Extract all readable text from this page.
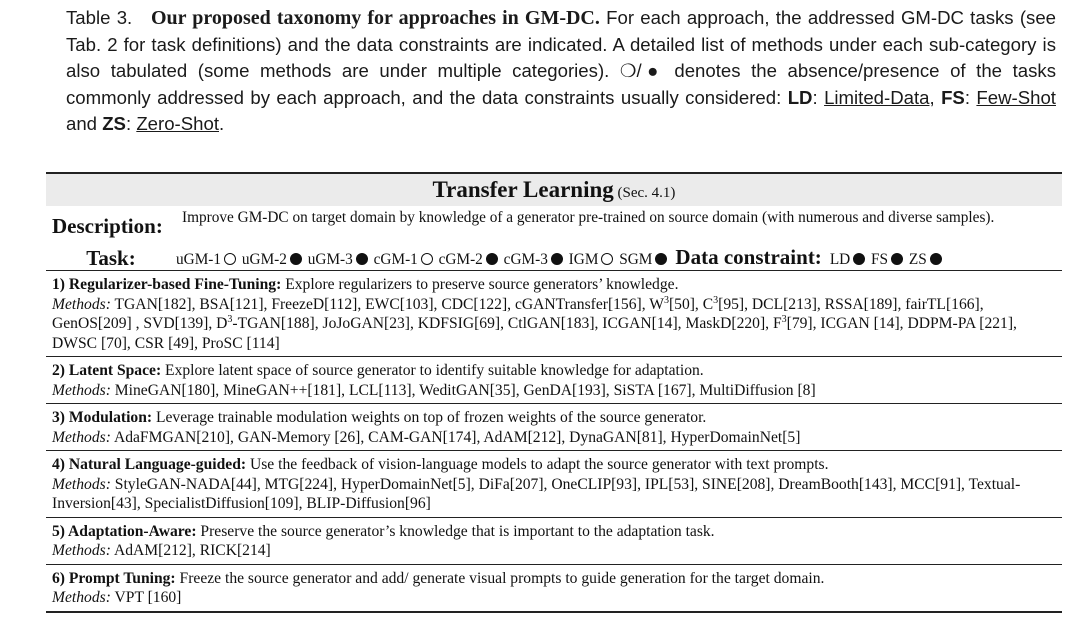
Table 3. Our proposed taxonomy for approaches in GM-DC. For each approach, the addressed GM-DC tasks (see Tab. 2 for task definitions) and the data constraints are indicated. A detailed list of methods under each sub-category is also tabulated (some methods are under multiple categories). ❍/● denotes the absence/presence of the tasks commonly addressed by each approach, and the data constraints usually considered: LD: Limited-Data, FS: Few-Shot and ZS: Zero-Shot.
Transfer Learning (Sec. 4.1)
Description:	Improve GM-DC on target domain by knowledge of a generator pre-trained on source domain (with numerous and diverse samples).
Task:	uGM-1 uGM-2 uGM-3 cGM-1 cGM-2 cGM-3 IGM SGM Data constraint: LD FS ZS
1) Regularizer-based Fine-Tuning: Explore regularizers to preserve source generators’ knowledge.
Methods: TGAN[182], BSA[121], FreezeD[112], EWC[103], CDC[122], cGANTransfer[156], $W^3[50]$, $C^3[95]$, DCL[213], RSSA[189], fairTL[166], GenOS[209] , SVD[139], $D^3-TGAN[188]$, JoJoGAN[23], KDFSIG[69], CtlGAN[183], ICGAN[14], MaskD[220], $F^3[79]$, ICGAN [14], DDPM-PA [221], DWSC [70], CSR [49], ProSC [114]
2) Latent Space: Explore latent space of source generator to identify suitable knowledge for adaptation.
Methods: MineGAN[180], MineGAN++[181], LCL[113], WeditGAN[35], GenDA[193], SiSTA [167], MultiDiffusion [8]
3) Modulation: Leverage trainable modulation weights on top of frozen weights of the source generator.
Methods: AdaFMGAN[210], GAN-Memory [26], CAM-GAN[174], AdAM[212], DynaGAN[81], HyperDomainNet[5]
4) Natural Language-guided: Use the feedback of vision-language models to adapt the source generator with text prompts.
Methods: StyleGAN-NADA[44], MTG[224], HyperDomainNet[5], DiFa[207], OneCLIP[93], IPL[53], SINE[208], DreamBooth[143], MCC[91], Textual-Inversion[43], SpecialistDiffusion[109], BLIP-Diffusion[96]
5) Adaptation-Aware: Preserve the source generator’s knowledge that is important to the adaptation task.
Methods: AdAM[212], RICK[214]
6) Prompt Tuning: Freeze the source generator and add/ generate visual prompts to guide generation for the target domain.
Methods: VPT [160]
